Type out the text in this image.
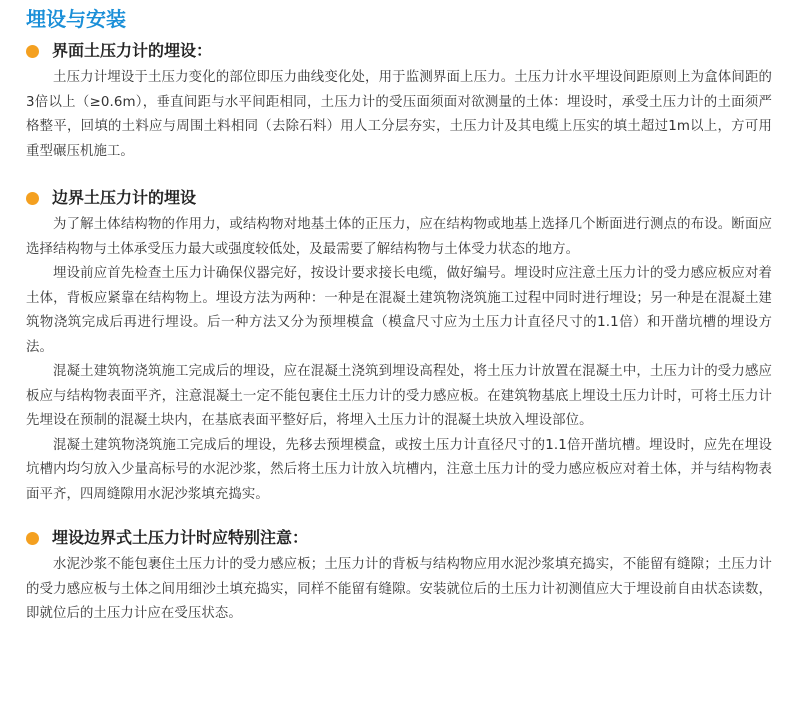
埋设与安装
界面土压力计的埋设：

土压力计埋设于土压力变化的部位即压力曲线变化处，用于监测界面上压力。土压力计水平埋设间距原则上为盒体间距的3倍以上（≥0.6m），垂直间距与水平间距相同，土压力计的受压面须面对欲测量的土体：埋设时，承受土压力计的土面须严格整平，回填的土料应与周围土料相同（去除石料）用人工分层夯实，土压力计及其电缆上压实的填土超过1m以上，方可用重型碾压机施工。

边界土压力计的埋设

为了解土体结构物的作用力，或结构物对地基土体的正压力，应在结构物或地基上选择几个断面进行测点的布设。断面应选择结构物与土体承受压力最大或强度较低处，及最需要了解结构物与土体受力状态的地方。

埋设前应首先检查土压力计确保仪器完好，按设计要求接长电缆，做好编号。埋设时应注意土压力计的受力感应板应对着土体，背板应紧靠在结构物上。埋设方法为两种：一种是在混凝土建筑物浇筑施工过程中同时进行埋设；另一种是在混凝土建筑物浇筑完成后再进行埋设。后一种方法又分为预埋模盒（模盒尺寸应为土压力计直径尺寸的1.1倍）和开凿坑槽的埋设方法。

混凝土建筑物浇筑施工完成后的埋设，应在混凝土浇筑到埋设高程处，将土压力计放置在混凝土中，土压力计的受力感应板应与结构物表面平齐，注意混凝土一定不能包裹住土压力计的受力感应板。在建筑物基底上埋设土压力计时，可将土压力计先埋设在预制的混凝土块内，在基底表面平整好后，将埋入土压力计的混凝土块放入埋设部位。

混凝土建筑物浇筑施工完成后的埋设，先移去预埋模盒，或按土压力计直径尺寸的1.1倍开凿坑槽。埋设时，应先在埋设坑槽内均匀放入少量高标号的水泥沙浆，然后将土压力计放入坑槽内，注意土压力计的受力感应板应对着土体，并与结构物表面平齐，四周缝隙用水泥沙浆填充捣实。

埋设边界式土压力计时应特别注意：

水泥沙浆不能包裹住土压力计的受力感应板；土压力计的背板与结构物应用水泥沙浆填充捣实，不能留有缝隙；土压力计的受力感应板与土体之间用细沙土填充捣实，同样不能留有缝隙。安装就位后的土压力计初测值应大于埋设前自由状态读数，即就位后的土压力计应在受压状态。
